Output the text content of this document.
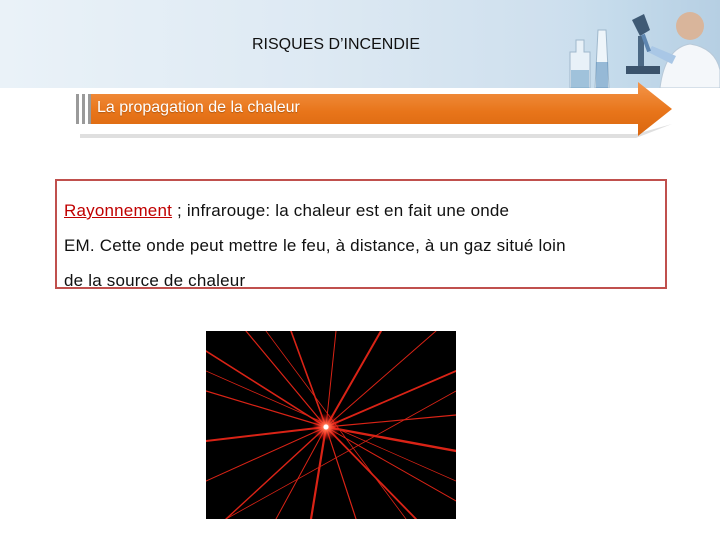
RISQUES D’INCENDIE
La propagation de la chaleur
Rayonnement ; infrarouge: la chaleur est en fait une onde
EM. Cette onde peut mettre le feu, à distance, à un gaz situé loin
de la source de chaleur
